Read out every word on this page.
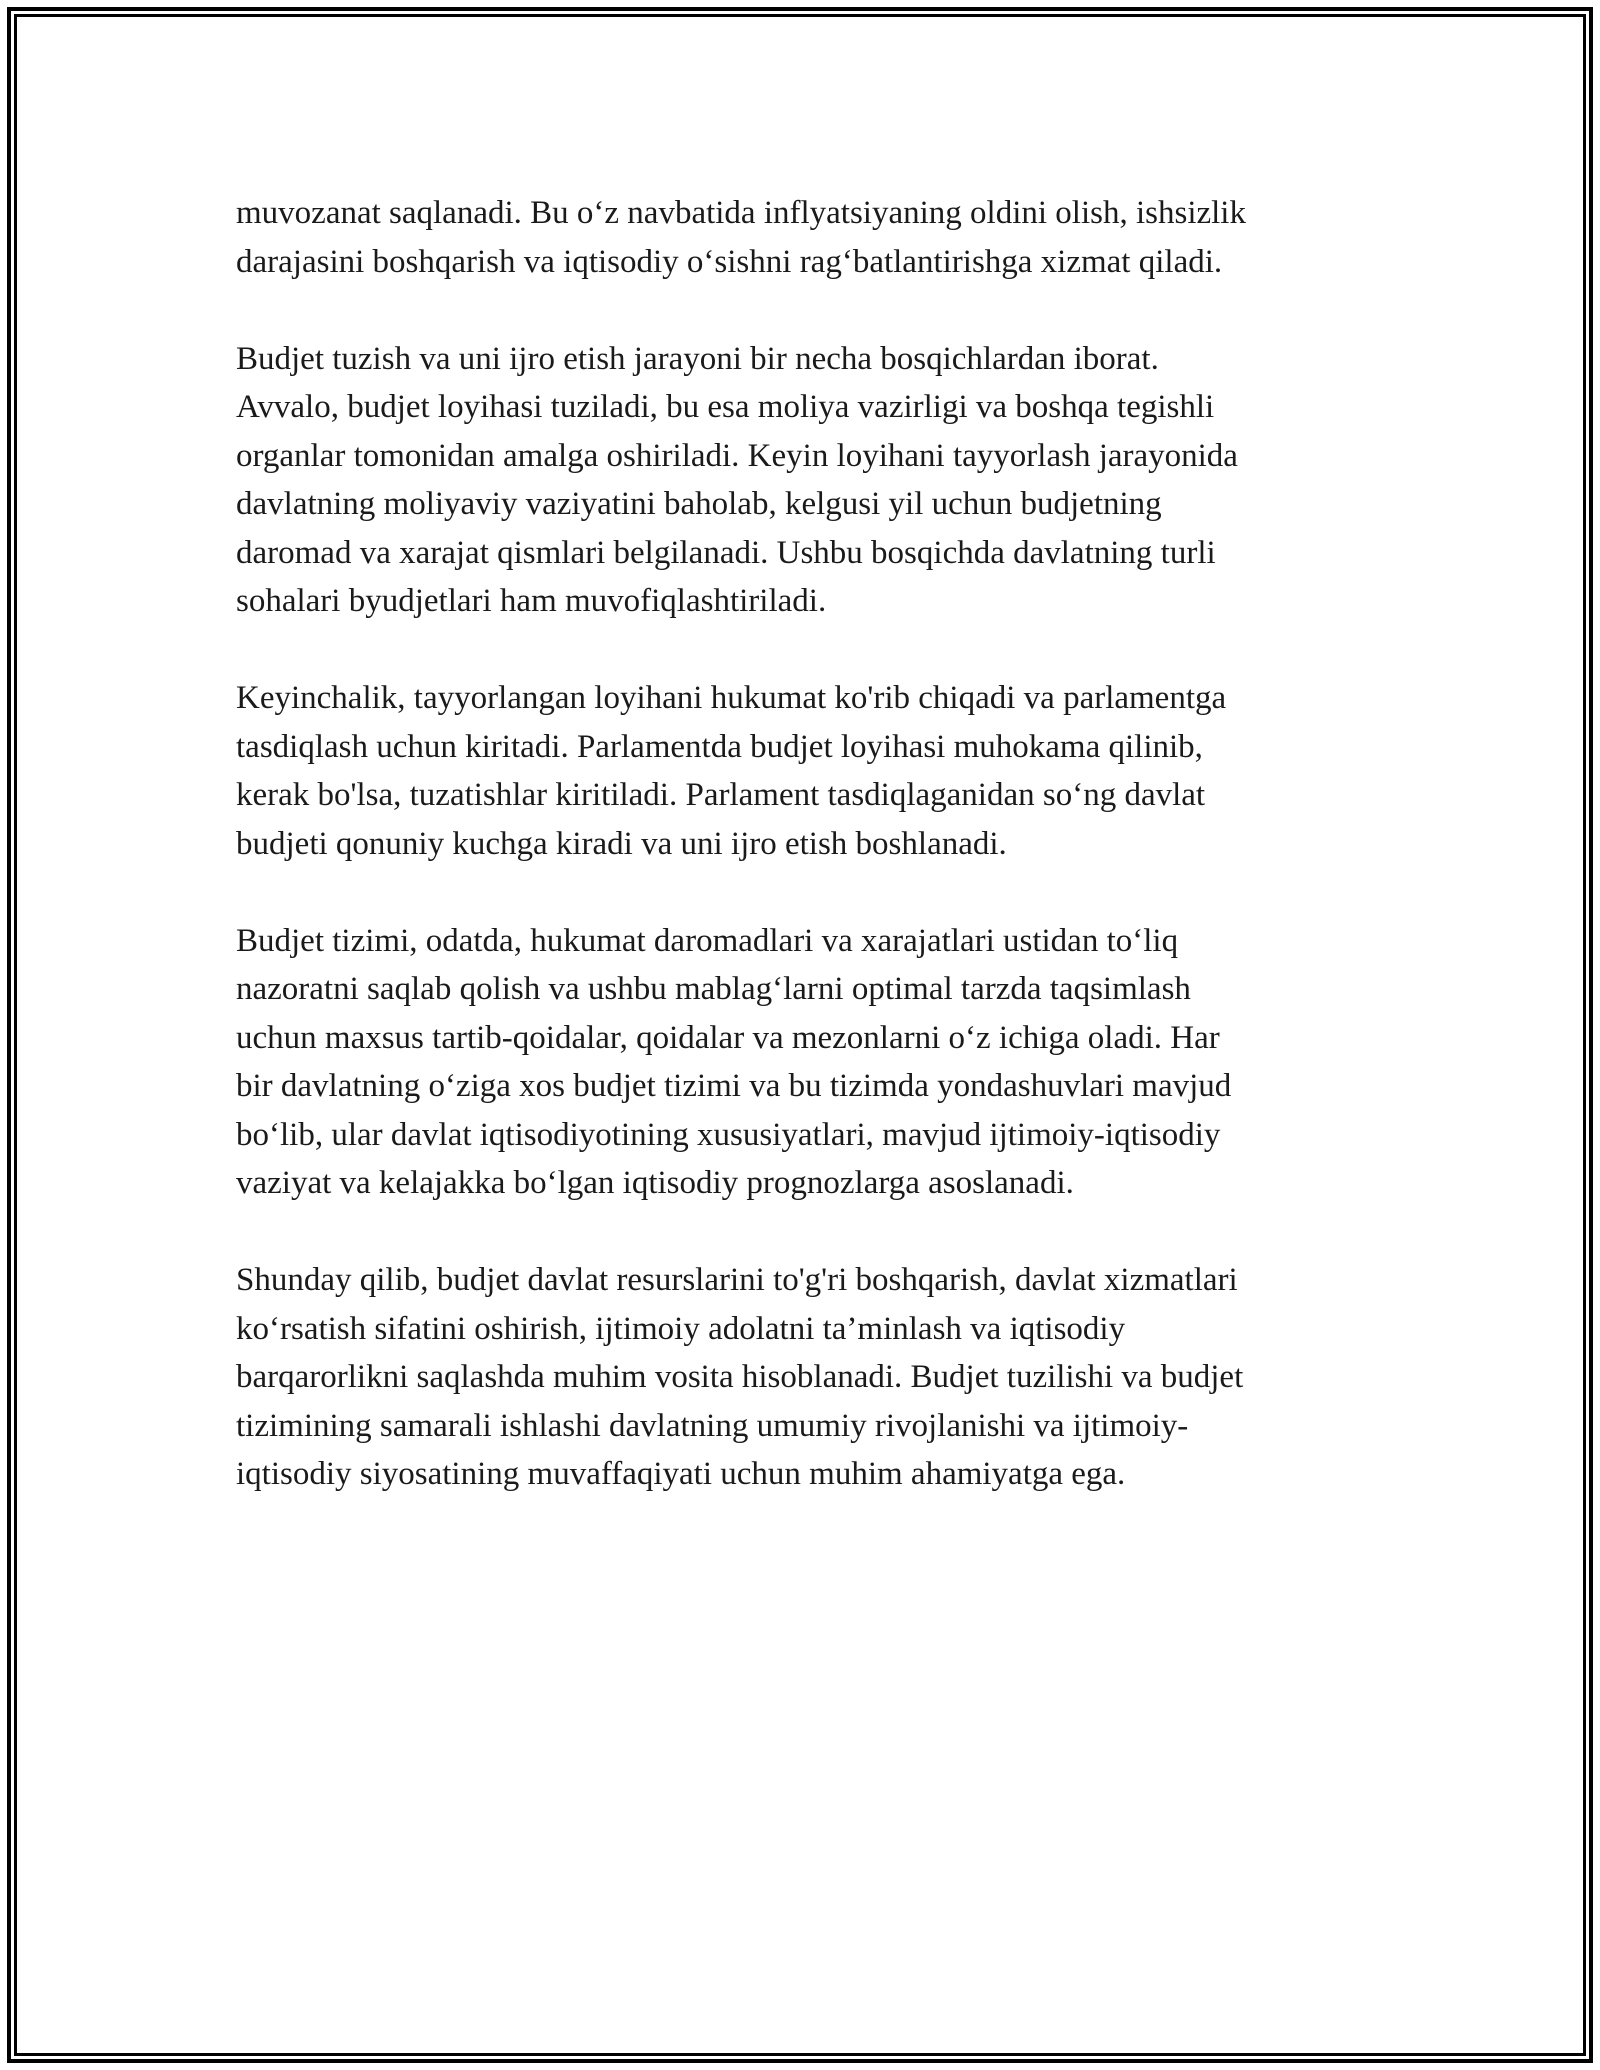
muvozanat saqlanadi. Bu o‘z navbatida inflyatsiyaning oldini olish, ishsizlik
darajasini boshqarish va iqtisodiy o‘sishni rag‘batlantirishga xizmat qiladi.

Budjet tuzish va uni ijro etish jarayoni bir necha bosqichlardan iborat.
Avvalo, budjet loyihasi tuziladi, bu esa moliya vazirligi va boshqa tegishli
organlar tomonidan amalga oshiriladi. Keyin loyihani tayyorlash jarayonida
davlatning moliyaviy vaziyatini baholab, kelgusi yil uchun budjetning
daromad va xarajat qismlari belgilanadi. Ushbu bosqichda davlatning turli
sohalari byudjetlari ham muvofiqlashtiriladi.

Keyinchalik, tayyorlangan loyihani hukumat ko'rib chiqadi va parlamentga
tasdiqlash uchun kiritadi. Parlamentda budjet loyihasi muhokama qilinib,
kerak bo'lsa, tuzatishlar kiritiladi. Parlament tasdiqlaganidan so‘ng davlat
budjeti qonuniy kuchga kiradi va uni ijro etish boshlanadi.

Budjet tizimi, odatda, hukumat daromadlari va xarajatlari ustidan to‘liq
nazoratni saqlab qolish va ushbu mablag‘larni optimal tarzda taqsimlash
uchun maxsus tartib-qoidalar, qoidalar va mezonlarni o‘z ichiga oladi. Har
bir davlatning o‘ziga xos budjet tizimi va bu tizimda yondashuvlari mavjud
bo‘lib, ular davlat iqtisodiyotining xususiyatlari, mavjud ijtimoiy-iqtisodiy
vaziyat va kelajakka bo‘lgan iqtisodiy prognozlarga asoslanadi.

Shunday qilib, budjet davlat resurslarini to'g'ri boshqarish, davlat xizmatlari
ko‘rsatish sifatini oshirish, ijtimoiy adolatni ta’minlash va iqtisodiy
barqarorlikni saqlashda muhim vosita hisoblanadi. Budjet tuzilishi va budjet
tizimining samarali ishlashi davlatning umumiy rivojlanishi va ijtimoiy-
iqtisodiy siyosatining muvaffaqiyati uchun muhim ahamiyatga ega.
